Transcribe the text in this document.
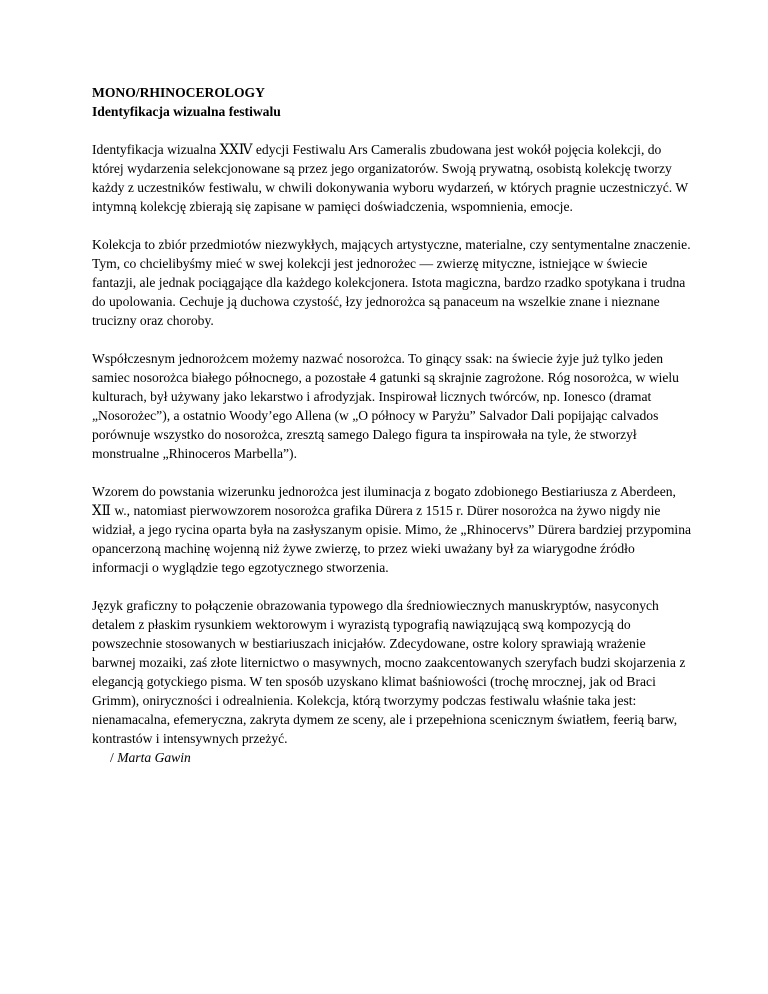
MONO/RHINOCEROLOGY

Identyfikacja wizualna festiwalu

Identyfikacja wizualna ⅩⅩⅣ edycji Festiwalu Ars Cameralis zbudowana jest wokół pojęcia kolekcji, do której wydarzenia selekcjonowane są przez jego organizatorów. Swoją prywatną, osobistą kolekcję tworzy każdy z uczestników festiwalu, w chwili dokonywania wyboru wydarzeń, w których pragnie uczestniczyć. W intymną kolekcję zbierają się zapisane w pamięci doświadczenia, wspomnienia, emocje.

Kolekcja to zbiór przedmiotów niezwykłych, mających artystyczne, materialne, czy sentymentalne znaczenie. Tym, co chcielibyśmy mieć w swej kolekcji jest jednorożec — zwierzę mityczne, istniejące w świecie fantazji, ale jednak pociągające dla każdego kolekcjonera. Istota magiczna, bardzo rzadko spotykana i trudna do upolowania. Cechuje ją duchowa czystość, łzy jednorożca są panaceum na wszelkie znane i nieznane trucizny oraz choroby.

Współczesnym jednorożcem możemy nazwać nosorożca. To ginący ssak: na świecie żyje już tylko jeden samiec nosorożca białego północnego, a pozostałe 4 gatunki są skrajnie zagrożone. Róg nosorożca, w wielu kulturach, był używany jako lekarstwo i afrodyzjak. Inspirował licznych twórców, np. Ionesco (dramat „Nosorożec”), a ostatnio Woody’ego Allena (w „O północy w Paryżu” Salvador Dali popijając calvados porównuje wszystko do nosorożca, zresztą samego Dalego figura ta inspirowała na tyle, że stworzył monstrualne „Rhinoceros Marbella”).

Wzorem do powstania wizerunku jednorożca jest iluminacja z bogato zdobionego Bestiariusza z Aberdeen, ⅩⅡ w., natomiast pierwowzorem nosorożca grafika Dürera z 1515 r. Dürer nosorożca na żywo nigdy nie widział, a jego rycina oparta była na zasłyszanym opisie. Mimo, że „Rhinocervs” Dürera bardziej przypomina opancerzoną machinę wojenną niż żywe zwierzę, to przez wieki uważany był za wiarygodne źródło informacji o wyglądzie tego egzotycznego stworzenia.

Język graficzny to połączenie obrazowania typowego dla średniowiecznych manuskryptów, nasyconych detalem z płaskim rysunkiem wektorowym i wyrazistą typografią nawiązującą swą kompozycją do powszechnie stosowanych w bestiariuszach inicjałów. Zdecydowane, ostre kolory sprawiają wrażenie barwnej mozaiki, zaś złote liternictwo o masywnych, mocno zaakcentowanych szeryfach budzi skojarzenia z elegancją gotyckiego pisma. W ten sposób uzyskano klimat baśniowości (trochę mrocznej, jak od Braci Grimm), oniryczności i odrealnienia. Kolekcja, którą tworzymy podczas festiwalu właśnie taka jest: nienamacalna, efemeryczna, zakryta dymem ze sceny, ale i przepełniona scenicznym światłem, feerią barw, kontrastów i intensywnych przeżyć.

/ Marta Gawin
